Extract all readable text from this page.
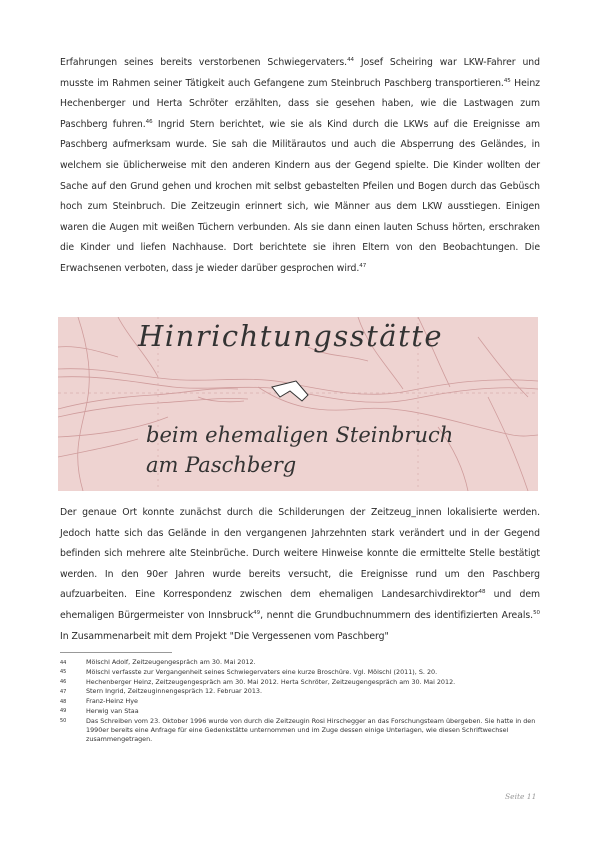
Erfahrungen seines bereits verstorbenen Schwiegervaters.$^{44}$ Josef Scheiring war LKW-Fahrer und musste im Rahmen seiner Tätigkeit auch Gefangene zum Steinbruch Paschberg transportieren.$^{45}$ Heinz Hechenberger und Herta Schröter erzählten, dass sie gesehen haben, wie die Lastwagen zum Paschberg fuhren.$^{46}$ Ingrid Stern berichtet, wie sie als Kind durch die LKWs auf die Ereignisse am Paschberg aufmerksam wurde. Sie sah die Militärautos und auch die Absperrung des Geländes, in welchem sie üblicherweise mit den anderen Kindern aus der Gegend spielte. Die Kinder wollten der Sache auf den Grund gehen und krochen mit selbst gebastelten Pfeilen und Bogen durch das Gebüsch hoch zum Steinbruch. Die Zeitzeugin erinnert sich, wie Männer aus dem LKW ausstiegen. Einigen waren die Augen mit weißen Tüchern verbunden. Als sie dann einen lauten Schuss hörten, erschraken die Kinder und liefen Nachhause. Dort berichtete sie ihren Eltern von den Beobachtungen. Die Erwachsenen verboten, dass je wieder darüber gesprochen wird.$^{47}$
Hinrichtungsstätte
beim ehemaligen Steinbruch
am Paschberg
Der genaue Ort konnte zunächst durch die Schilderungen der Zeitzeug_innen lokalisierte werden. Jedoch hatte sich das Gelände in den vergangenen Jahrzehnten stark verändert und in der Gegend befinden sich mehrere alte Steinbrüche. Durch weitere Hinweise konnte die ermittelte Stelle bestätigt werden. In den 90er Jahren wurde bereits versucht, die Ereignisse rund um den Paschberg aufzuarbeiten. Eine Korrespondenz zwischen dem ehemaligen Landesarchivdirektor$^{48}$ und dem ehemaligen Bürgermeister von Innsbruck$^{49}$, nennt die Grundbuchnummern des identifizierten Areals.$^{50}$ In Zusammenarbeit mit dem Projekt "Die Vergessenen vom Paschberg"
44	Mölschl Adolf, Zeitzeugengespräch am 30. Mai 2012.
45	Mölschl verfasste zur Vergangenheit seines Schwiegervaters eine kurze Broschüre. Vgl. Mölschl (2011), S. 20.
46	Hechenberger Heinz, Zeitzeugengespräch am 30. Mai 2012. Herta Schröter, Zeitzeugengespräch am 30. Mai 2012.
47	Stern Ingrid, Zeitzeuginnengespräch 12. Februar 2013.
48	Franz-Heinz Hye
49	Herwig van Staa
50	Das Schreiben vom 23. Oktober 1996 wurde von durch die Zeitzeugin Rosi Hirschegger an das Forschungsteam übergeben. Sie hatte in den 1990er bereits eine Anfrage für eine Gedenkstätte unternommen und im Zuge dessen einige Unterlagen, wie diesen Schriftwechsel zusammengetragen.
Seite 11
